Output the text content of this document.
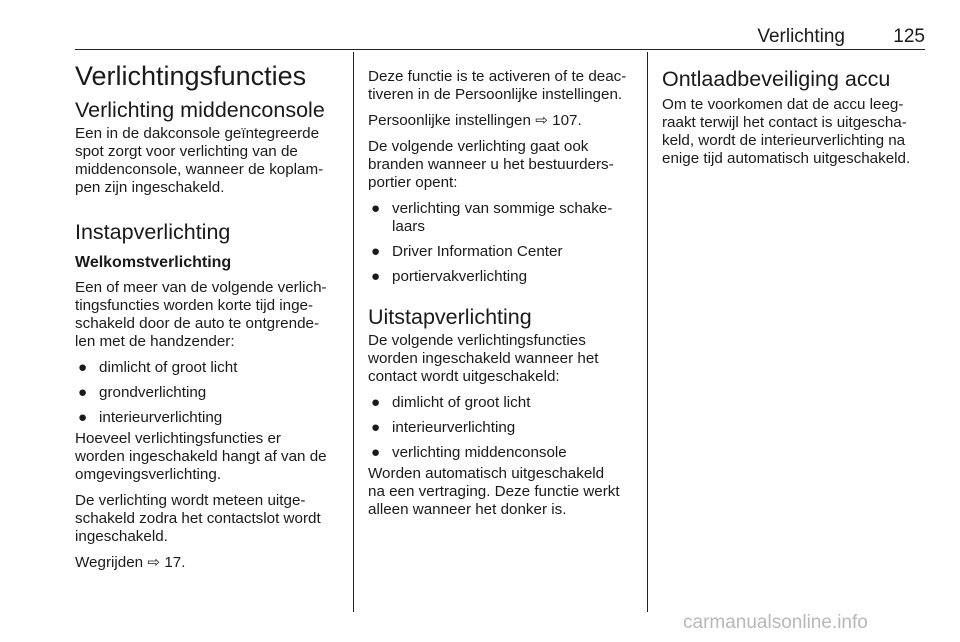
Verlichting	125
Verlichtingsfuncties
Verlichting middenconsole
Een in de dakconsole geïntegreerde
spot zorgt voor verlichting van de
middenconsole, wanneer de koplam-
pen zijn ingeschakeld.
Instapverlichting
Welkomstverlichting
Een of meer van de volgende verlich-
tingsfuncties worden korte tijd inge-
schakeld door de auto te ontgrende-
len met de handzender:
● dimlicht of groot licht
● grondverlichting
● interieurverlichting
Hoeveel verlichtingsfuncties er
worden ingeschakeld hangt af van de
omgevingsverlichting.
De verlichting wordt meteen uitge-
schakeld zodra het contactslot wordt
ingeschakeld.
Wegrijden ⇨ 17.
Deze functie is te activeren of te deac-
tiveren in de Persoonlijke instellingen.
Persoonlijke instellingen ⇨ 107.
De volgende verlichting gaat ook
branden wanneer u het bestuurders-
portier opent:
● verlichting van sommige schake-
laars
● Driver Information Center
● portiervakverlichting
Uitstapverlichting
De volgende verlichtingsfuncties
worden ingeschakeld wanneer het
contact wordt uitgeschakeld:
● dimlicht of groot licht
● interieurverlichting
● verlichting middenconsole
Worden automatisch uitgeschakeld
na een vertraging. Deze functie werkt
alleen wanneer het donker is.
Ontlaadbeveiliging accu
Om te voorkomen dat de accu leeg-
raakt terwijl het contact is uitgescha-
keld, wordt de interieurverlichting na
enige tijd automatisch uitgeschakeld.
carmanualsonline.info
